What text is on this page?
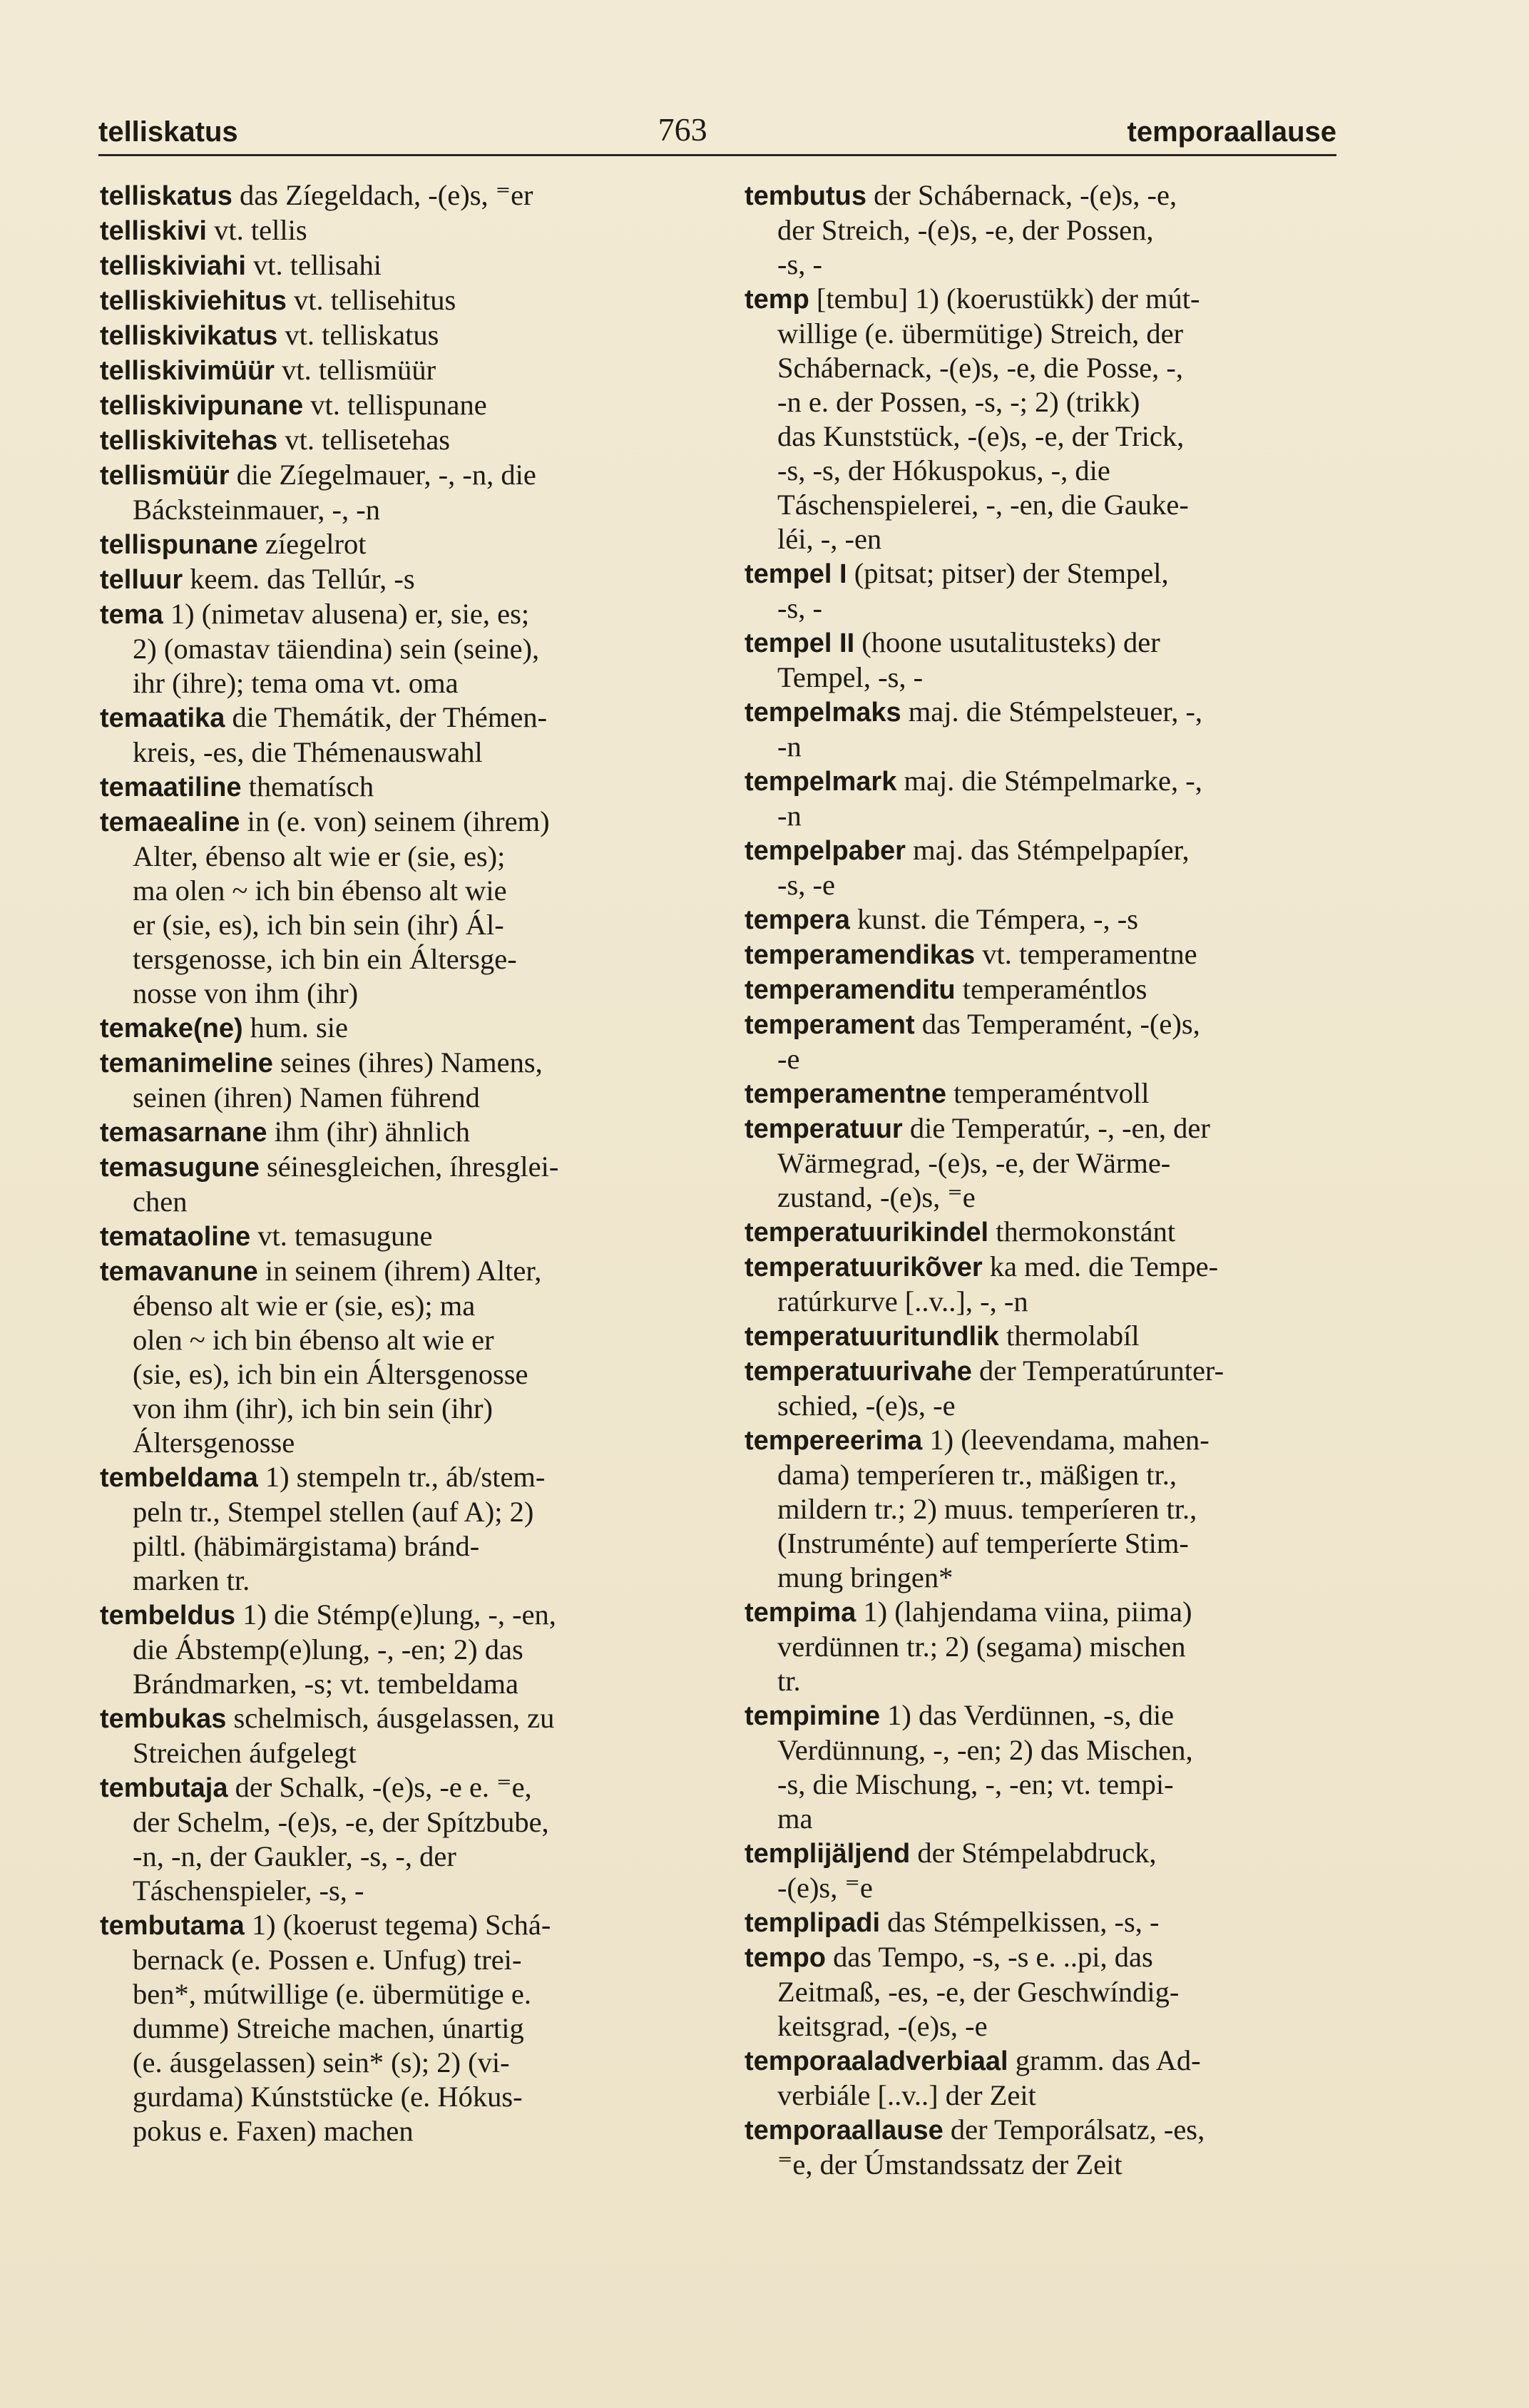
telliskatus	763	temporaallause
telliskatus das Zíegeldach, -(e)s, ⁼er
telliskivi vt. tellis
telliskiviahi vt. tellisahi
telliskiviehitus vt. tellisehitus
telliskivikatus vt. telliskatus
telliskivimüür vt. tellismüür
telliskivipunane vt. tellispunane
telliskivitehas vt. tellisetehas
tellismüür die Zíegelmauer, -, -n, die
Bácksteinmauer, -, -n
tellispunane zíegelrot
telluur keem. das Tellúr, -s
tema 1) (nimetav alusena) er, sie, es;
2) (omastav täiendina) sein (seine),
ihr (ihre); tema oma vt. oma
temaatika die Themátik, der Thémen-
kreis, -es, die Thémenauswahl
temaatiline thematísch
temaealine in (e. von) seinem (ihrem)
Alter, ébenso alt wie er (sie, es);
ma olen ~ ich bin ébenso alt wie
er (sie, es), ich bin sein (ihr) Ál-
tersgenosse, ich bin ein Áltersge-
nosse von ihm (ihr)
temake(ne) hum. sie
temanimeline seines (ihres) Namens,
seinen (ihren) Namen führend
temasarnane ihm (ihr) ähnlich
temasugune séinesgleichen, íhresglei-
chen
temataoline vt. temasugune
temavanune in seinem (ihrem) Alter,
ébenso alt wie er (sie, es); ma
olen ~ ich bin ébenso alt wie er
(sie, es), ich bin ein Áltersgenosse
von ihm (ihr), ich bin sein (ihr)
Áltersgenosse
tembeldama 1) stempeln tr., áb/stem-
peln tr., Stempel stellen (auf A); 2)
piltl. (häbimärgistama) bránd-
marken tr.
tembeldus 1) die Stémp(e)lung, -, -en,
die Ábstemp(e)lung, -, -en; 2) das
Brándmarken, -s; vt. tembeldama
tembukas schelmisch, áusgelassen, zu
Streichen áufgelegt
tembutaja der Schalk, -(e)s, -e e. ⁼e,
der Schelm, -(e)s, -e, der Spítzbube,
-n, -n, der Gaukler, -s, -, der
Táschenspieler, -s, -
tembutama 1) (koerust tegema) Schá-
bernack (e. Possen e. Unfug) trei-
ben*, mútwillige (e. übermütige e.
dumme) Streiche machen, únartig
(e. áusgelassen) sein* (s); 2) (vi-
gurdama) Kúnststücke (e. Hókus-
pokus e. Faxen) machen
tembutus der Schábernack, -(e)s, -e,
der Streich, -(e)s, -e, der Possen,
-s, -
temp [tembu] 1) (koerustükk) der mút-
willige (e. übermütige) Streich, der
Schábernack, -(e)s, -e, die Posse, -,
-n e. der Possen, -s, -; 2) (trikk)
das Kunststück, -(e)s, -e, der Trick,
-s, -s, der Hókuspokus, -, die
Táschenspielerei, -, -en, die Gauke-
léi, -, -en
tempel I (pitsat; pitser) der Stempel,
-s, -
tempel II (hoone usutalitusteks) der
Tempel, -s, -
tempelmaks maj. die Stémpelsteuer, -,
-n
tempelmark maj. die Stémpelmarke, -,
-n
tempelpaber maj. das Stémpelpapíer,
-s, -e
tempera kunst. die Témpera, -, -s
temperamendikas vt. temperamentne
temperamenditu temperaméntlos
temperament das Temperamént, -(e)s,
-e
temperamentne temperaméntvoll
temperatuur die Temperatúr, -, -en, der
Wärmegrad, -(e)s, -e, der Wärme-
zustand, -(e)s, ⁼e
temperatuurikindel thermokonstánt
temperatuurikõver ka med. die Tempe-
ratúrkurve [..v..], -, -n
temperatuuritundlik thermolabíl
temperatuurivahe der Temperatúrunter-
schied, -(e)s, -e
tempereerima 1) (leevendama, mahen-
dama) temperíeren tr., mäßigen tr.,
mildern tr.; 2) muus. temperíeren tr.,
(Instruménte) auf temperíerte Stim-
mung bringen*
tempima 1) (lahjendama viina, piima)
verdünnen tr.; 2) (segama) mischen
tr.
tempimine 1) das Verdünnen, -s, die
Verdünnung, -, -en; 2) das Mischen,
-s, die Mischung, -, -en; vt. tempi-
ma
templijäljend der Stémpelabdruck,
-(e)s, ⁼e
templipadi das Stémpelkissen, -s, -
tempo das Tempo, -s, -s e. ..pi, das
Zeitmaß, -es, -e, der Geschwíndig-
keitsgrad, -(e)s, -e
temporaaladverbiaal gramm. das Ad-
verbiále [..v..] der Zeit
temporaallause der Temporálsatz, -es,
⁼e, der Úmstandssatz der Zeit
